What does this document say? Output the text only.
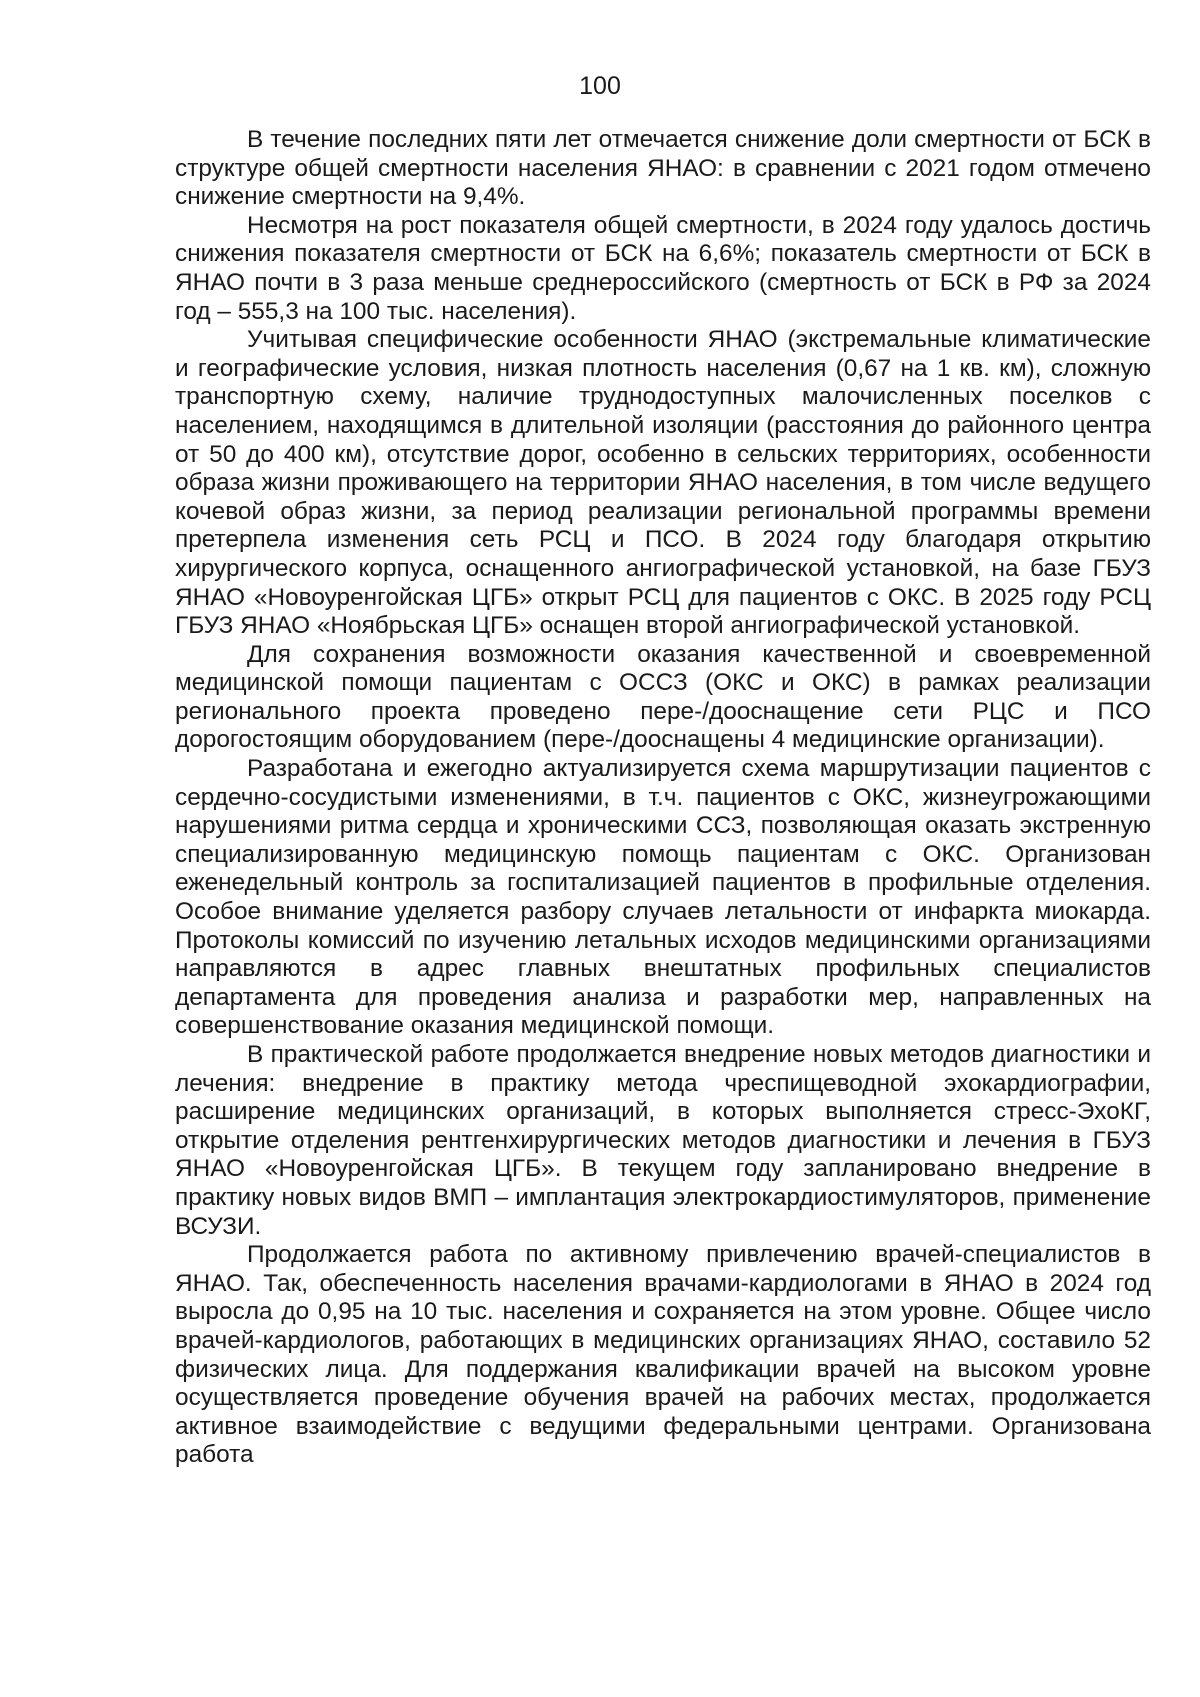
100

В течение последних пяти лет отмечается снижение доли смертности от БСК в структуре общей смертности населения ЯНАО: в сравнении с 2021 годом отмечено снижение смертности на 9,4%.

Несмотря на рост показателя общей смертности, в 2024 году удалось достичь снижения показателя смертности от БСК на 6,6%; показатель смертности от БСК в ЯНАО почти в 3 раза меньше среднероссийского (смертность от БСК в РФ за 2024 год – 555,3 на 100 тыс. населения).

Учитывая специфические особенности ЯНАО (экстремальные климатические и географические условия, низкая плотность населения (0,67 на 1 кв. км), сложную транспортную схему, наличие труднодоступных малочисленных поселков с населением, находящимся в длительной изоляции (расстояния до районного центра от 50 до 400 км), отсутствие дорог, особенно в сельских территориях, особенности образа жизни проживающего на территории ЯНАО населения, в том числе ведущего кочевой образ жизни, за период реализации региональной программы времени претерпела изменения сеть РСЦ и ПСО. В 2024 году благодаря открытию хирургического корпуса, оснащенного ангиографической установкой, на базе ГБУЗ ЯНАО «Новоуренгойская ЦГБ» открыт РСЦ для пациентов с ОКС. В 2025 году РСЦ ГБУЗ ЯНАО «Ноябрьская ЦГБ» оснащен второй ангиографической установкой.

Для сохранения возможности оказания качественной и своевременной медицинской помощи пациентам с ОССЗ (ОКС и ОКС) в рамках реализации регионального проекта проведено пере-/дооснащение сети РЦС и ПСО дорогостоящим оборудованием (пере-/дооснащены 4 медицинские организации).

Разработана и ежегодно актуализируется схема маршрутизации пациентов с сердечно-сосудистыми изменениями, в т.ч. пациентов с ОКС, жизнеугрожающими нарушениями ритма сердца и хроническими ССЗ, позволяющая оказать экстренную специализированную медицинскую помощь пациентам с ОКС. Организован еженедельный контроль за госпитализацией пациентов в профильные отделения. Особое внимание уделяется разбору случаев летальности от инфаркта миокарда. Протоколы комиссий по изучению летальных исходов медицинскими организациями направляются в адрес главных внештатных профильных специалистов департамента для проведения анализа и разработки мер, направленных на совершенствование оказания медицинской помощи.

В практической работе продолжается внедрение новых методов диагностики и лечения: внедрение в практику метода чреспищеводной эхокардиографии, расширение медицинских организаций, в которых выполняется стресс-ЭхоКГ, открытие отделения рентгенхирургических методов диагностики и лечения в ГБУЗ ЯНАО «Новоуренгойская ЦГБ». В текущем году запланировано внедрение в практику новых видов ВМП – имплантация электрокардиостимуляторов, применение ВСУЗИ.

Продолжается работа по активному привлечению врачей-специалистов в ЯНАО. Так, обеспеченность населения врачами-кардиологами в ЯНАО в 2024 год выросла до 0,95 на 10 тыс. населения и сохраняется на этом уровне. Общее число врачей-кардиологов, работающих в медицинских организациях ЯНАО, составило 52 физических лица. Для поддержания квалификации врачей на высоком уровне осуществляется проведение обучения врачей на рабочих местах, продолжается активное взаимодействие с ведущими федеральными центрами. Организована работа
